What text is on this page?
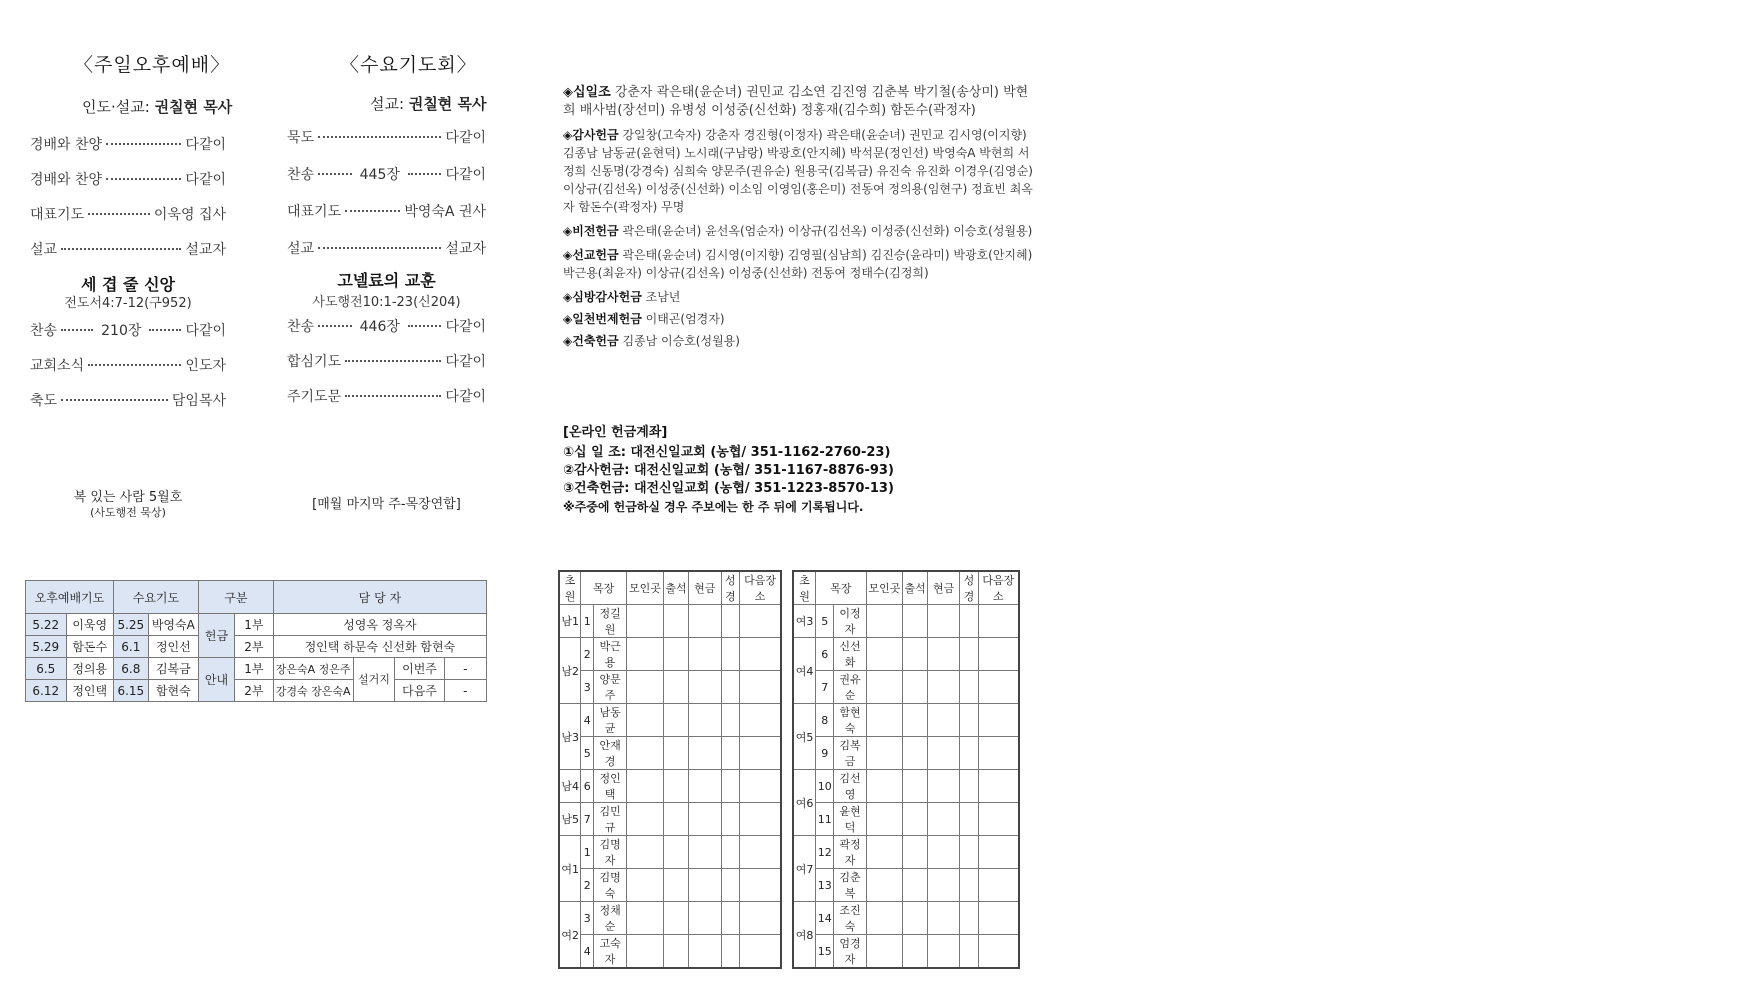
〈주일오후예배〉
인도·설교: 권칠현 목사
경배와 찬양	다같이
경배와 찬양	다같이
대표기도	이욱영 집사
설교	설교자
세 겹 줄 신앙
전도서4:7-12(구952)
찬송	210장	다같이
교회소식	인도자
축도	담임목사
복 있는 사람 5월호
(사도행전 묵상)
〈수요기도회〉
설교: 권칠현 목사
묵도	다같이
찬송	445장	다같이
대표기도	박영숙A 권사
설교	설교자
고넬료의 교훈
사도행전10:1-23(신204)
찬송	446장	다같이
합심기도	다같이
주기도문	다같이
[매월 마지막 주-목장연합]
◈십일조 강춘자 곽은태(윤순녀) 권민교 김소연 김진영 김춘복 박기철(송상미) 박현희 배사범(장선미) 유병성 이성중(신선화) 정홍재(김수희) 함돈수(곽정자)
◈감사헌금 강일창(고숙자) 강춘자 경진형(이정자) 곽은태(윤순녀) 권민교 김시영(이지향) 김종남 남동균(윤현덕) 노시래(구남랑) 박광호(안지혜) 박석문(정인선) 박영숙A 박현희 서정희 신동명(강경숙) 심희숙 양문주(권유순) 원용국(김복금) 유진숙 유진화 이경우(김영순) 이상규(김선옥) 이성중(신선화) 이소임 이영임(홍은미) 전동여 정의용(임현구) 정효빈 최옥자 함돈수(곽정자) 무명
◈비전헌금 곽은태(윤순녀) 윤선옥(엄순자) 이상규(김선옥) 이성중(신선화) 이승호(성월용)
◈선교헌금 곽은태(윤순녀) 김시영(이지향) 김영필(심남희) 김진승(윤라미) 박광호(안지혜) 박근용(최윤자) 이상규(김선옥) 이성중(신선화) 전동여 정태수(김정희)
◈심방감사헌금 조남년
◈일천번제헌금 이태곤(엄경자)
◈건축헌금 김종남 이승호(성월용)
[온라인 헌금계좌]
①십 일 조: 대전신일교회 (농협/ 351-1162-2760-23)
②감사헌금: 대전신일교회 (농협/ 351-1167-8876-93)
③건축헌금: 대전신일교회 (농협/ 351-1223-8570-13)
※주중에 헌금하실 경우 주보에는 한 주 뒤에 기록됩니다.
오후예배기도		수요기도		구분		담 당 자			
5.22	이욱영	5.25	박영숙A	헌금	1부	성영옥 정옥자			
5.29	함돈수	6.1	정인선		2부	정인택 하문숙 신선화 함현숙			
6.5	정의용	6.8	김복금	안내	1부	장은숙A 정은주	설거지	이번주	-
6.12	정인택	6.15	함현숙		2부	강경숙 장은숙A		다음주	-
초원	목장		모인곳	출석	현금	성경	다음장소
남1	1	정길원					
남2	2	박근용					
	3	양문주					
남3	4	남동균					
	5	안재경					
남4	6	정인택					
남5	7	김민규					
여1	1	김명자					
	2	김명숙					
여2	3	정채순					
	4	고숙자					
초원	목장		모인곳	출석	현금	성경	다음장소
여3	5	이정자					
여4	6	신선화					
	7	권유순					
여5	8	함현숙					
	9	김복금					
여6	10	김선영					
	11	윤현덕					
여7	12	곽정자					
	13	김춘복					
여8	14	조진숙					
	15	엄경자					
